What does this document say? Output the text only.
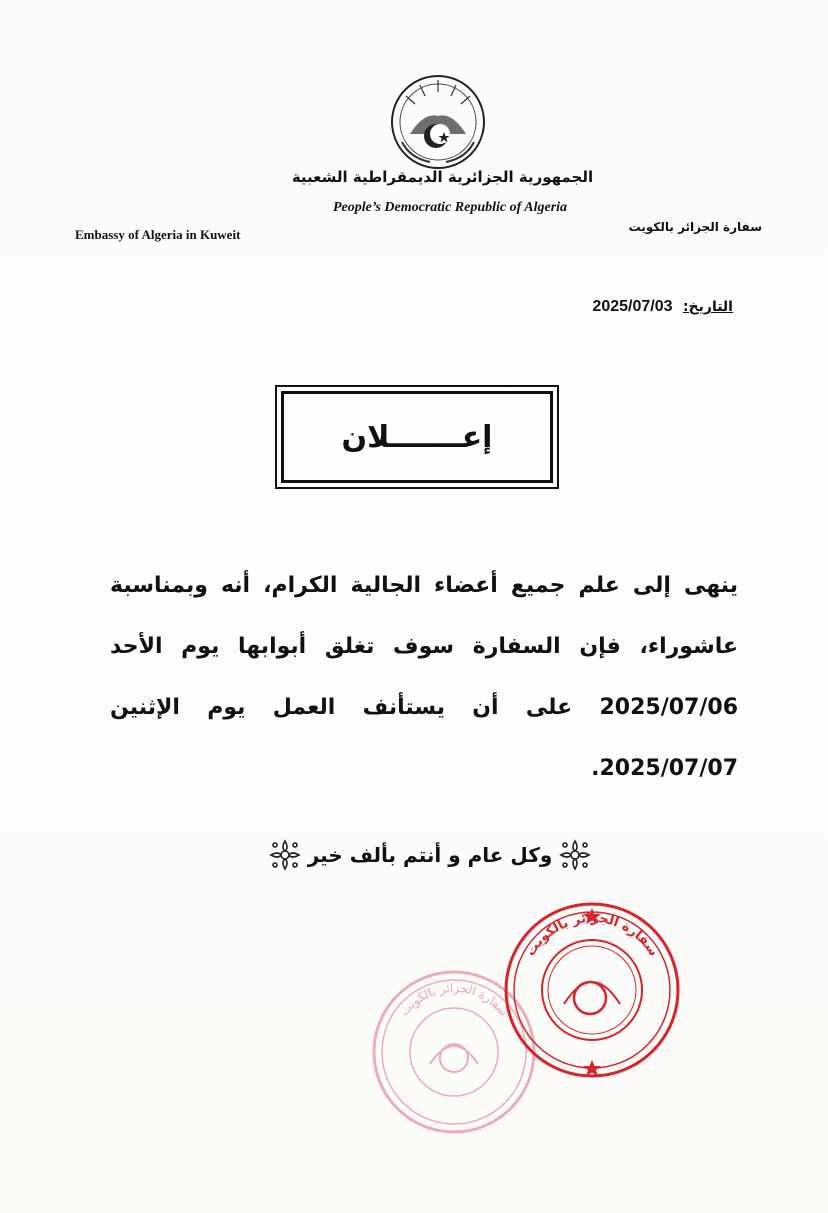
الجمهورية الجزائرية الديمقراطية الشعبية
People’s Democratic Republic of Algeria
Embassy of Algeria in Kuweit	سفارة الجزائر بالكويت
التاريخ: 2025/07/03
إعـــــــلان
ينهى إلى علم جميع أعضاء الجالية الكرام، أنه وبمناسبة عاشوراء، فإن السفارة سوف تغلق أبوابها يوم الأحد 2025/07/06 على أن يستأنف العمل يوم الإثنين 2025/07/07.
وكل عام و أنتم بألف خير
سفارة الجزائر بالكويت
سفارة الجزائر بالكويت
